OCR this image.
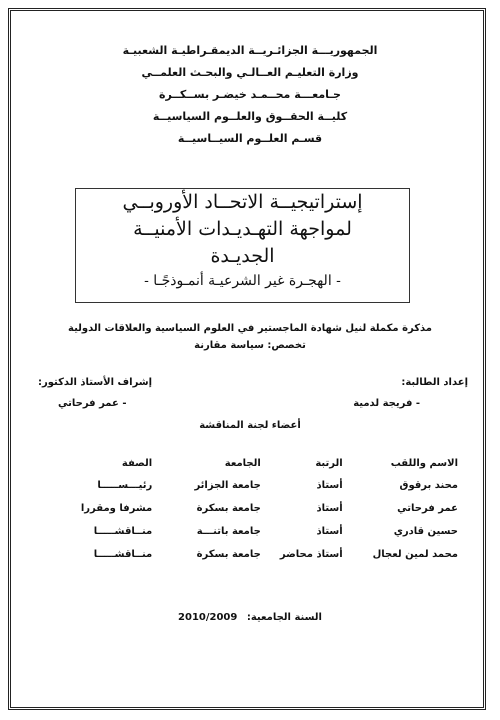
الجمهوريـــة الجزائـريــة الديمقـراطيـة الشعبيـة
وزارة التعليـم العــالـي والبحـث العلمــي
جـامعـــة محــمـد خيضـر بســكــرة
كليــة الحقــوق والعلــوم السياسيــة
قسـم العلــوم السيــاسيــة
إستراتيجيــة الاتحــاد الأوروبــي
لمواجهة التهـديـدات الأمنيــة
الجديـدة
- الهجـرة غير الشرعيـة أنمـوذجًـا -
مذكرة مكملة لنيل شهادة الماجستير في العلوم السياسية والعلاقات الدولية
تخصص: سياسة مقارنة
إعداد الطالبة:
- فريجة لدمية
إشراف الأستاذ الدكتور:
- عمر فرحاتي
أعضاء لجنة المناقشة
الاسم واللقب	الرتبة	الجامعة	الصفة
محند برقوق	أستاذ	جامعة الجزائر	رئيـــســـــا
عمر فرحاتي	أستاذ	جامعة بسكرة	مشرفا ومقررا
حسين قادري	أستاذ	جامعة باتنـــة	منــاقشـــــا
محمد لمين لعجال	أستاذ محاضر	جامعة بسكرة	منــاقشـــــا
السنة الجامعية: 2010/2009
